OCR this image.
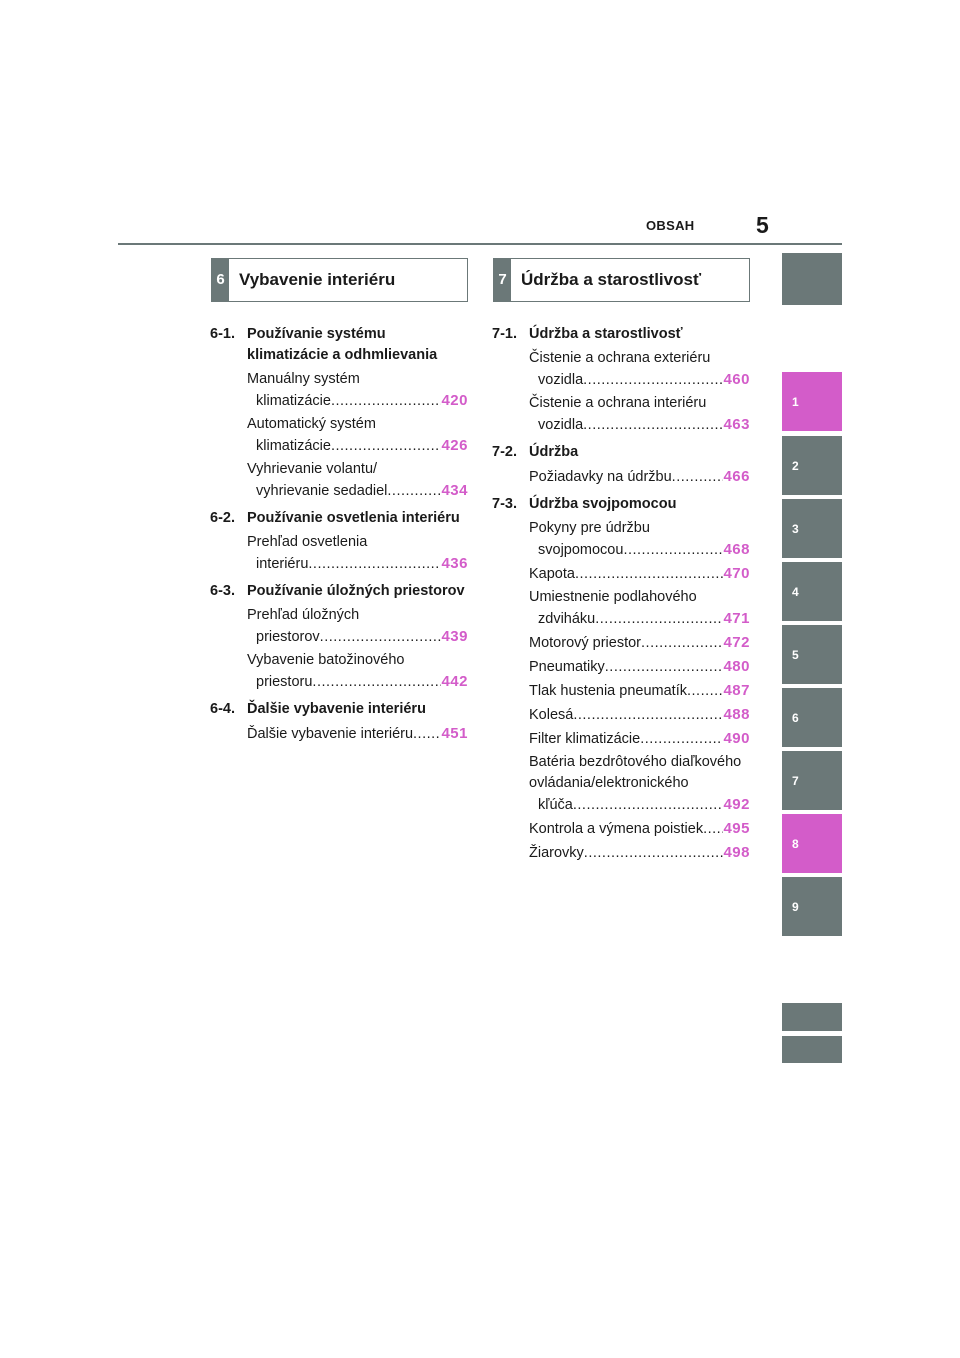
OBSAH	5
6 Vybavenie interiéru	7 Údržba a starostlivosť
6-1. Používanie systému klimatizácie a odhmlievania
Manuálny systém
klimatizácie .....	420
Automatický systém
klimatizácie .....	426
Vyhrievanie volantu/
vyhrievanie sedadiel .....	434
6-2. Používanie osvetlenia interiéru
Prehľad osvetlenia
interiéru .....	436
6-3. Používanie úložných priestorov
Prehľad úložných
priestorov .....	439
Vybavenie batožinového
priestoru .....	442
6-4. Ďalšie vybavenie interiéru
Ďalšie vybavenie interiéru ..... 451
7-1. Údržba a starostlivosť
Čistenie a ochrana exteriéru
vozidla .....	460
Čistenie a ochrana interiéru
vozidla .....	463
7-2. Údržba
Požiadavky na údržbu .....	466
7-3. Údržba svojpomocou
Pokyny pre údržbu
svojpomocou .....	468
Kapota .....	470
Umiestnenie podlahového
zdviháku .....	471
Motorový priestor .....	472
Pneumatiky .....	480
Tlak hustenia pneumatík ..... 487
Kolesá .....	488
Filter klimatizácie .....	490
Batéria bezdrôtového diaľkového ovládania/elektronického
kľúča .....	492
Kontrola a výmena poistiek ..... 495
Žiarovky .....	498
1
2
3
4
5
6
7
8
9
